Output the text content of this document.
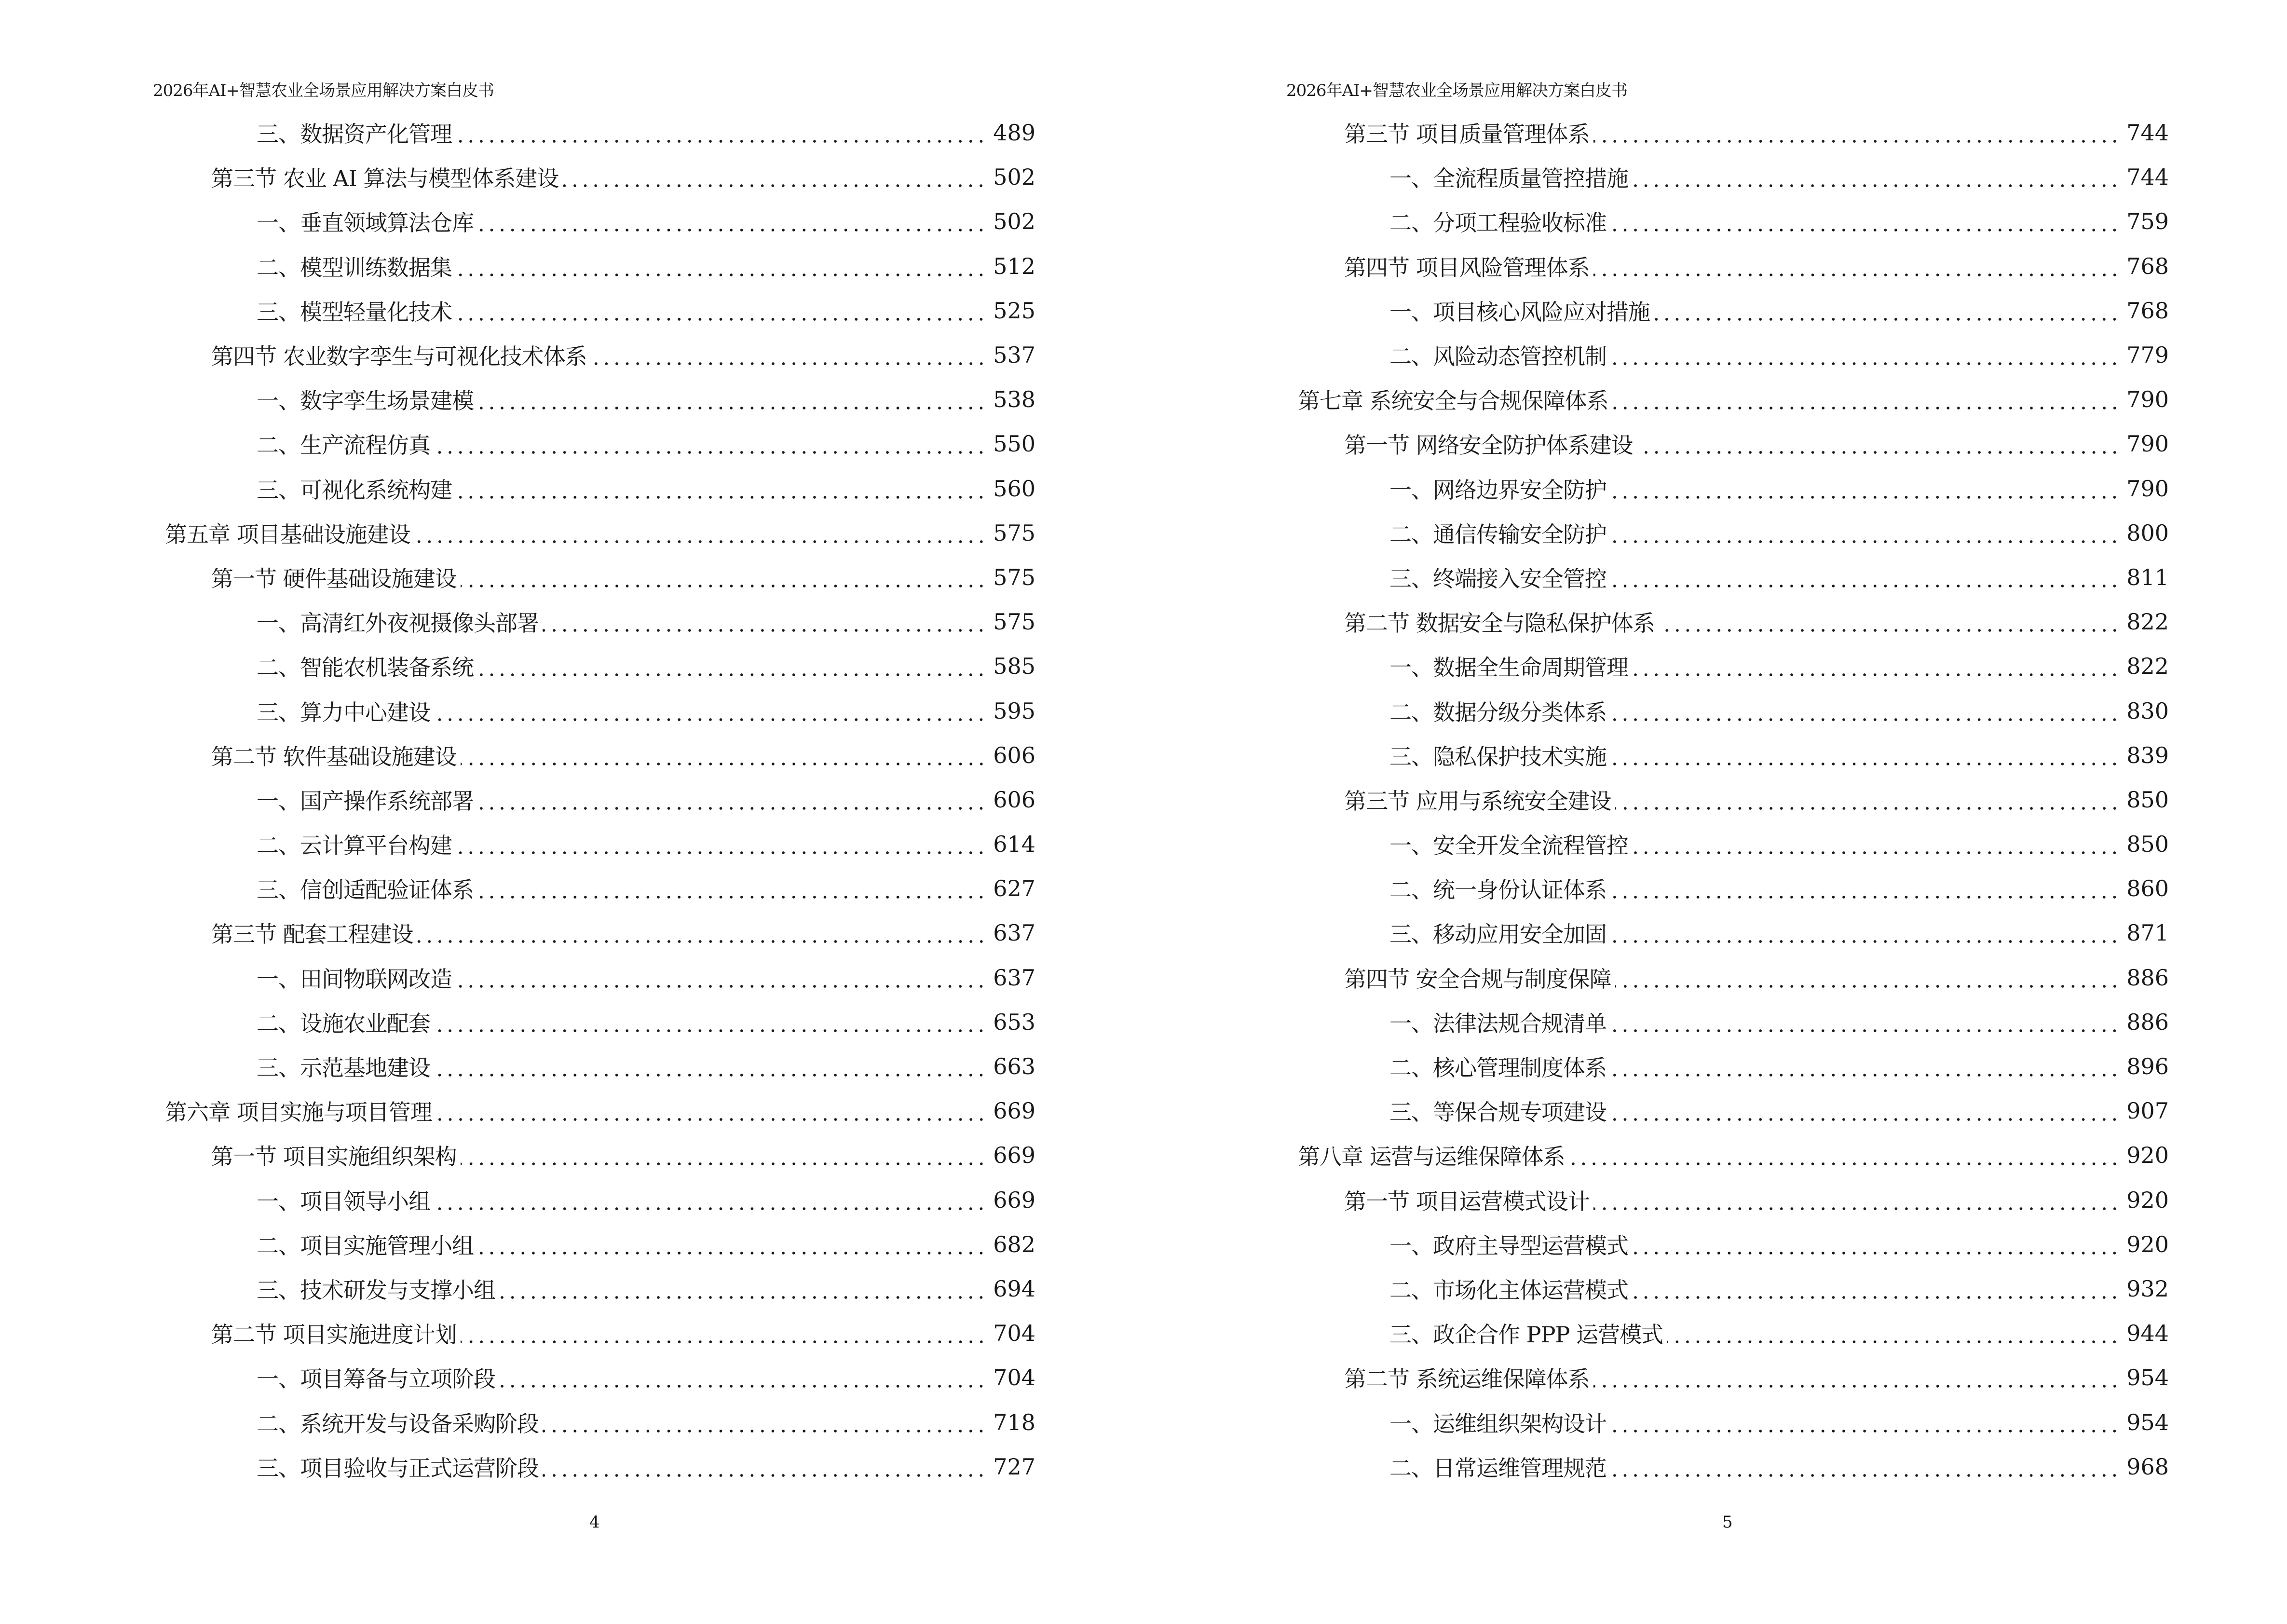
2026年AI+智慧农业全场景应用解决方案白皮书
三、数据资产化管理	489
第三节 农业 AI 算法与模型体系建设	502
一、垂直领域算法仓库	502
二、模型训练数据集	512
三、模型轻量化技术	525
第四节 农业数字孪生与可视化技术体系	537
一、数字孪生场景建模	538
二、生产流程仿真	550
三、可视化系统构建	560
第五章 项目基础设施建设	575
第一节 硬件基础设施建设	575
一、高清红外夜视摄像头部署	575
二、智能农机装备系统	585
三、算力中心建设	595
第二节 软件基础设施建设	606
一、国产操作系统部署	606
二、云计算平台构建	614
三、信创适配验证体系	627
第三节 配套工程建设	637
一、田间物联网改造	637
二、设施农业配套	653
三、示范基地建设	663
第六章 项目实施与项目管理	669
第一节 项目实施组织架构	669
一、项目领导小组	669
二、项目实施管理小组	682
三、技术研发与支撑小组	694
第二节 项目实施进度计划	704
一、项目筹备与立项阶段	704
二、系统开发与设备采购阶段	718
三、项目验收与正式运营阶段	727
4
2026年AI+智慧农业全场景应用解决方案白皮书
第三节 项目质量管理体系	744
一、全流程质量管控措施	744
二、分项工程验收标准	759
第四节 项目风险管理体系	768
一、项目核心风险应对措施	768
二、风险动态管控机制	779
第七章 系统安全与合规保障体系	790
第一节 网络安全防护体系建设	790
一、网络边界安全防护	790
二、通信传输安全防护	800
三、终端接入安全管控	811
第二节 数据安全与隐私保护体系	822
一、数据全生命周期管理	822
二、数据分级分类体系	830
三、隐私保护技术实施	839
第三节 应用与系统安全建设	850
一、安全开发全流程管控	850
二、统一身份认证体系	860
三、移动应用安全加固	871
第四节 安全合规与制度保障	886
一、法律法规合规清单	886
二、核心管理制度体系	896
三、等保合规专项建设	907
第八章 运营与运维保障体系	920
第一节 项目运营模式设计	920
一、政府主导型运营模式	920
二、市场化主体运营模式	932
三、政企合作 PPP 运营模式	944
第二节 系统运维保障体系	954
一、运维组织架构设计	954
二、日常运维管理规范	968
5
